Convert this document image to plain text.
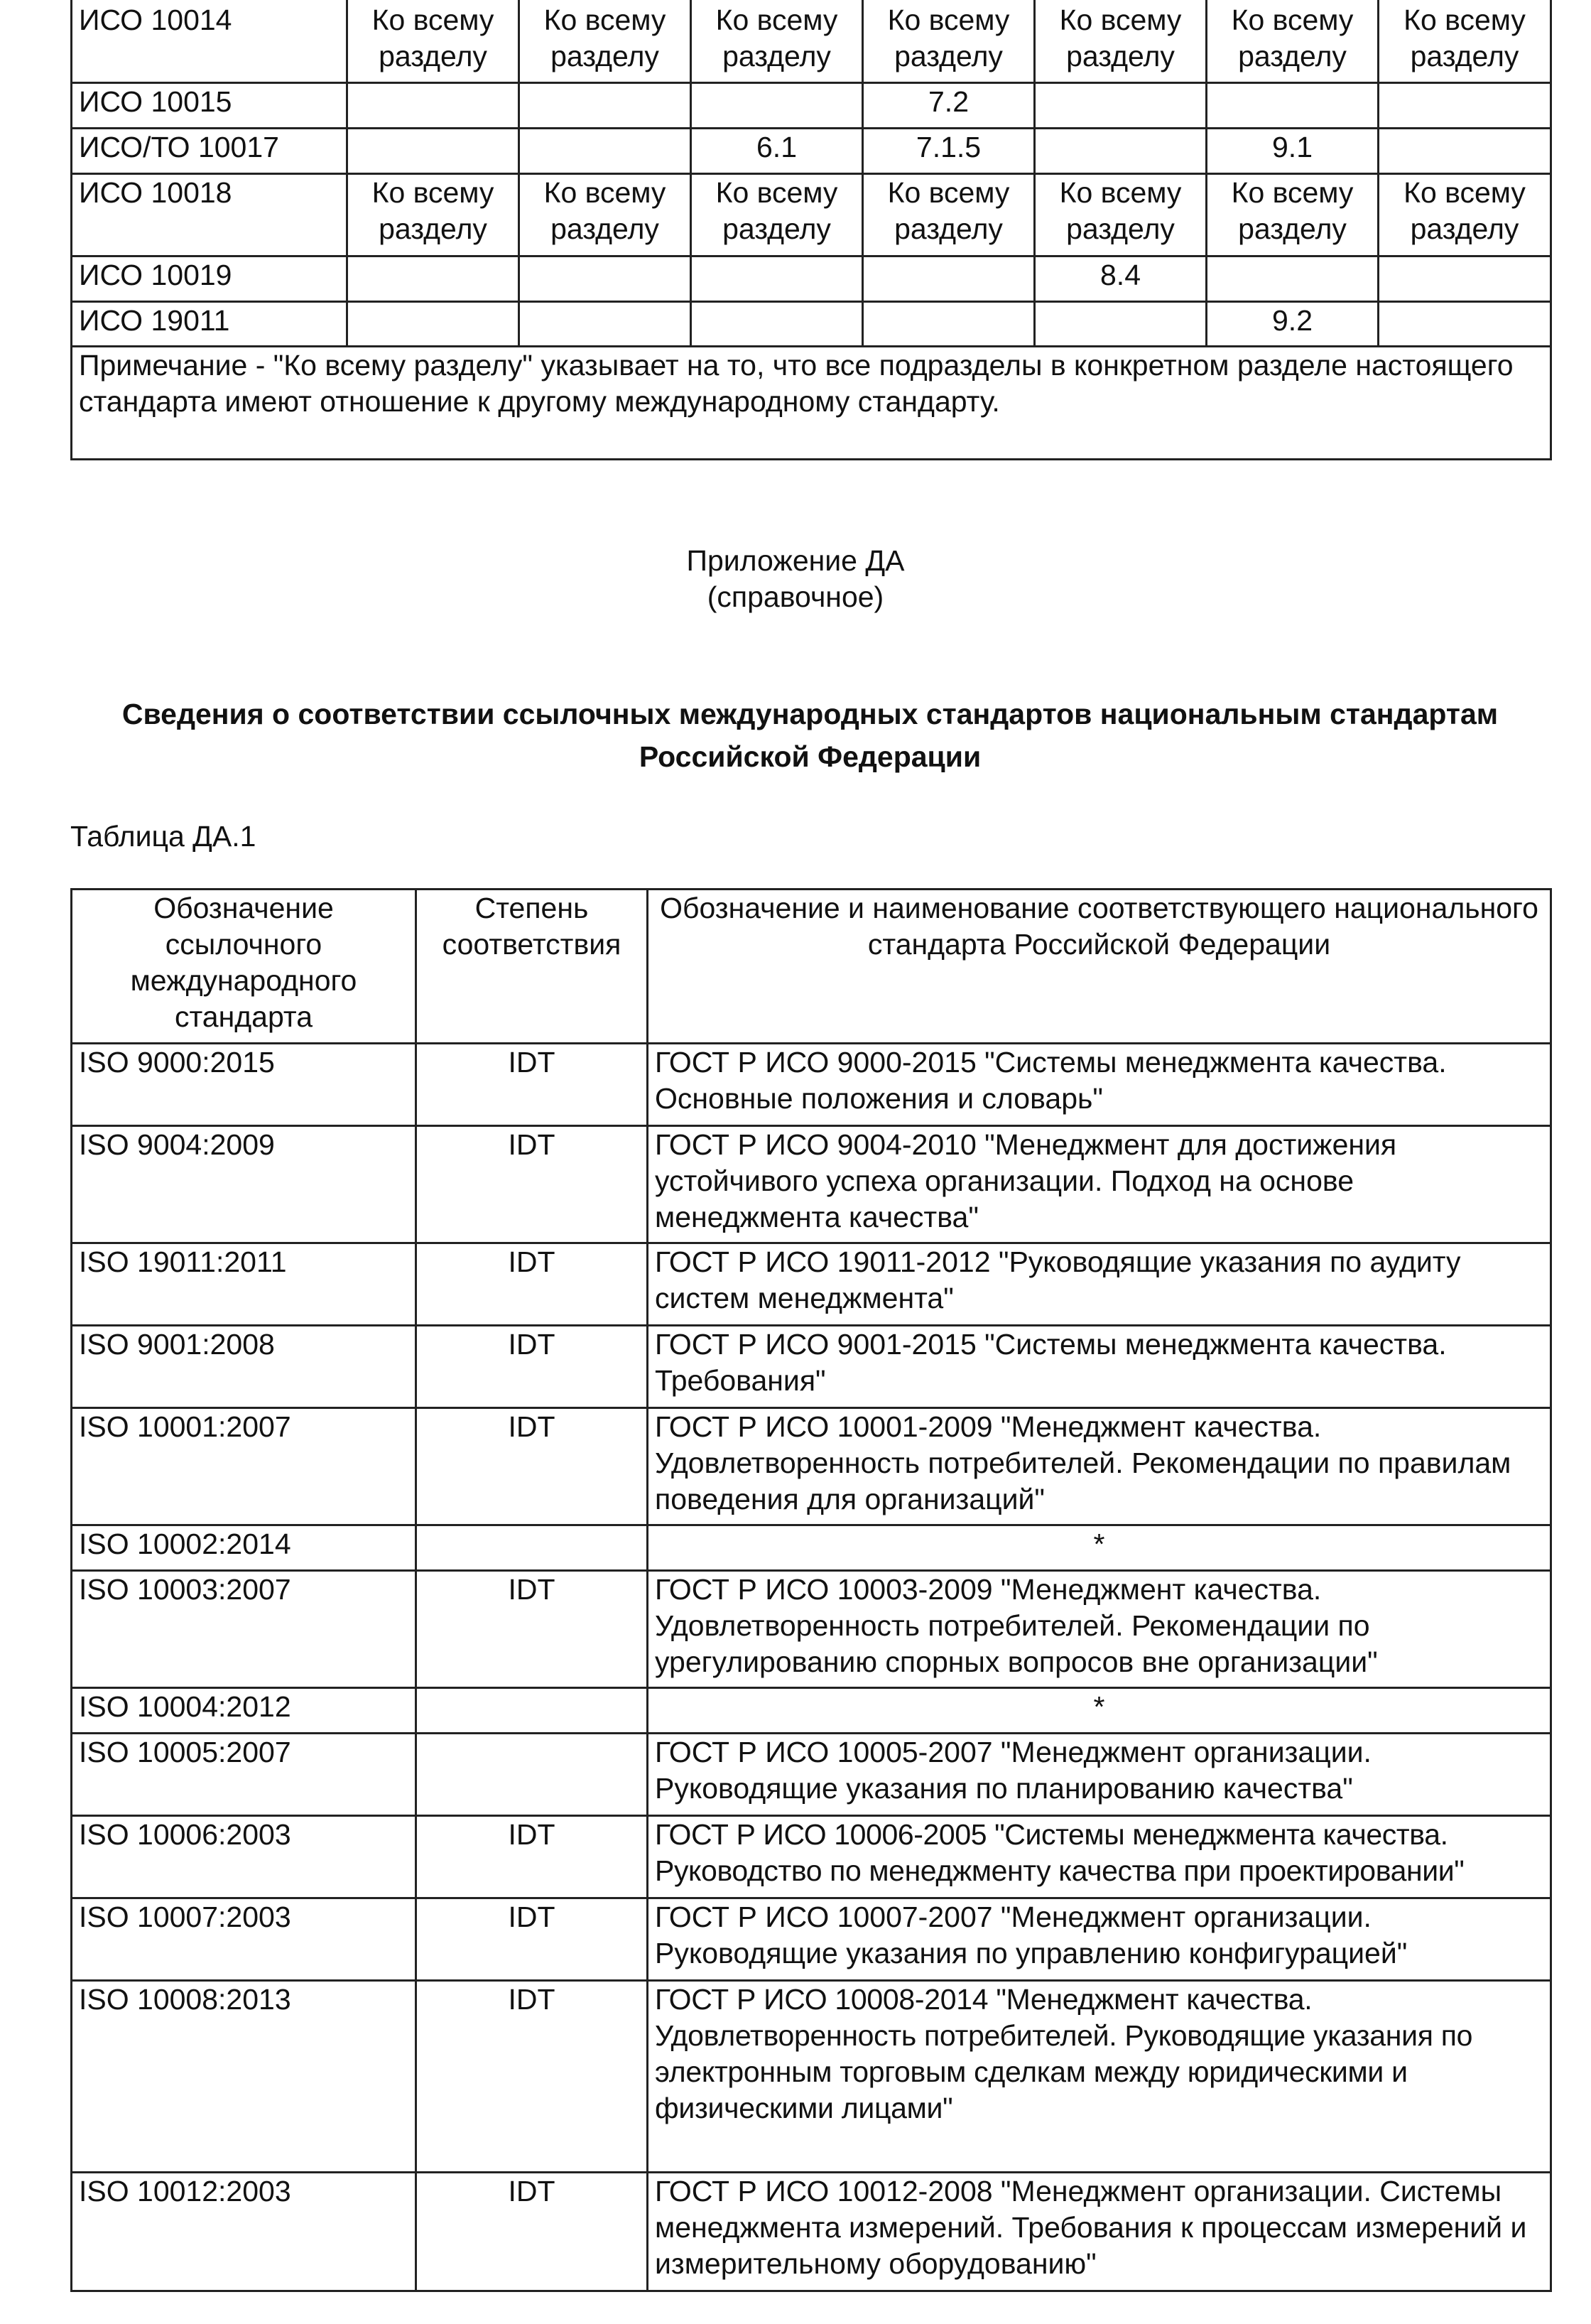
ИСО 10014	Ко всему разделу	Ко всему разделу	Ко всему разделу	Ко всему разделу	Ко всему разделу	Ко всему разделу	Ко всему разделу
ИСО 10015				7.2			
ИСО/ТО 10017			6.1	7.1.5		9.1	
ИСО 10018	Ко всему разделу	Ко всему разделу	Ко всему разделу	Ко всему разделу	Ко всему разделу	Ко всему разделу	Ко всему разделу
ИСО 10019					8.4		
ИСО 19011						9.2	
Примечание - "Ко всему разделу" указывает на то, что все подразделы в конкретном разделе настоящего стандарта имеют отношение к другому международному стандарту.							
Приложение ДА
(справочное)
Сведения о соответствии ссылочных международных стандартов национальным стандартам Российской Федерации
Таблица ДА.1
Обозначение ссылочного международного стандарта	Степень соответствия	Обозначение и наименование соответствующего национального стандарта Российской Федерации
ISO 9000:2015	IDT	ГОСТ Р ИСО 9000-2015 "Системы менеджмента качества. Основные положения и словарь"
ISO 9004:2009	IDT	ГОСТ Р ИСО 9004-2010 "Менеджмент для достижения устойчивого успеха организации. Подход на основе менеджмента качества"
ISO 19011:2011	IDT	ГОСТ Р ИСО 19011-2012 "Руководящие указания по аудиту систем менеджмента"
ISO 9001:2008	IDT	ГОСТ Р ИСО 9001-2015 "Системы менеджмента качества. Требования"
ISO 10001:2007	IDT	ГОСТ Р ИСО 10001-2009 "Менеджмент качества. Удовлетворенность потребителей. Рекомендации по правилам поведения для организаций"
ISO 10002:2014		*
ISO 10003:2007	IDT	ГОСТ Р ИСО 10003-2009 "Менеджмент качества. Удовлетворенность потребителей. Рекомендации по урегулированию спорных вопросов вне организации"
ISO 10004:2012		*
ISO 10005:2007		ГОСТ Р ИСО 10005-2007 "Менеджмент организации. Руководящие указания по планированию качества"
ISO 10006:2003	IDT	ГОСТ Р ИСО 10006-2005 "Системы менеджмента качества. Руководство по менеджменту качества при проектировании"
ISO 10007:2003	IDT	ГОСТ Р ИСО 10007-2007 "Менеджмент организации. Руководящие указания по управлению конфигурацией"
ISO 10008:2013	IDT	ГОСТ Р ИСО 10008-2014 "Менеджмент качества. Удовлетворенность потребителей. Руководящие указания по электронным торговым сделкам между юридическими и физическими лицами"
ISO 10012:2003	IDT	ГОСТ Р ИСО 10012-2008 "Менеджмент организации. Системы менеджмента измерений. Требования к процессам измерений и измерительному оборудованию"
